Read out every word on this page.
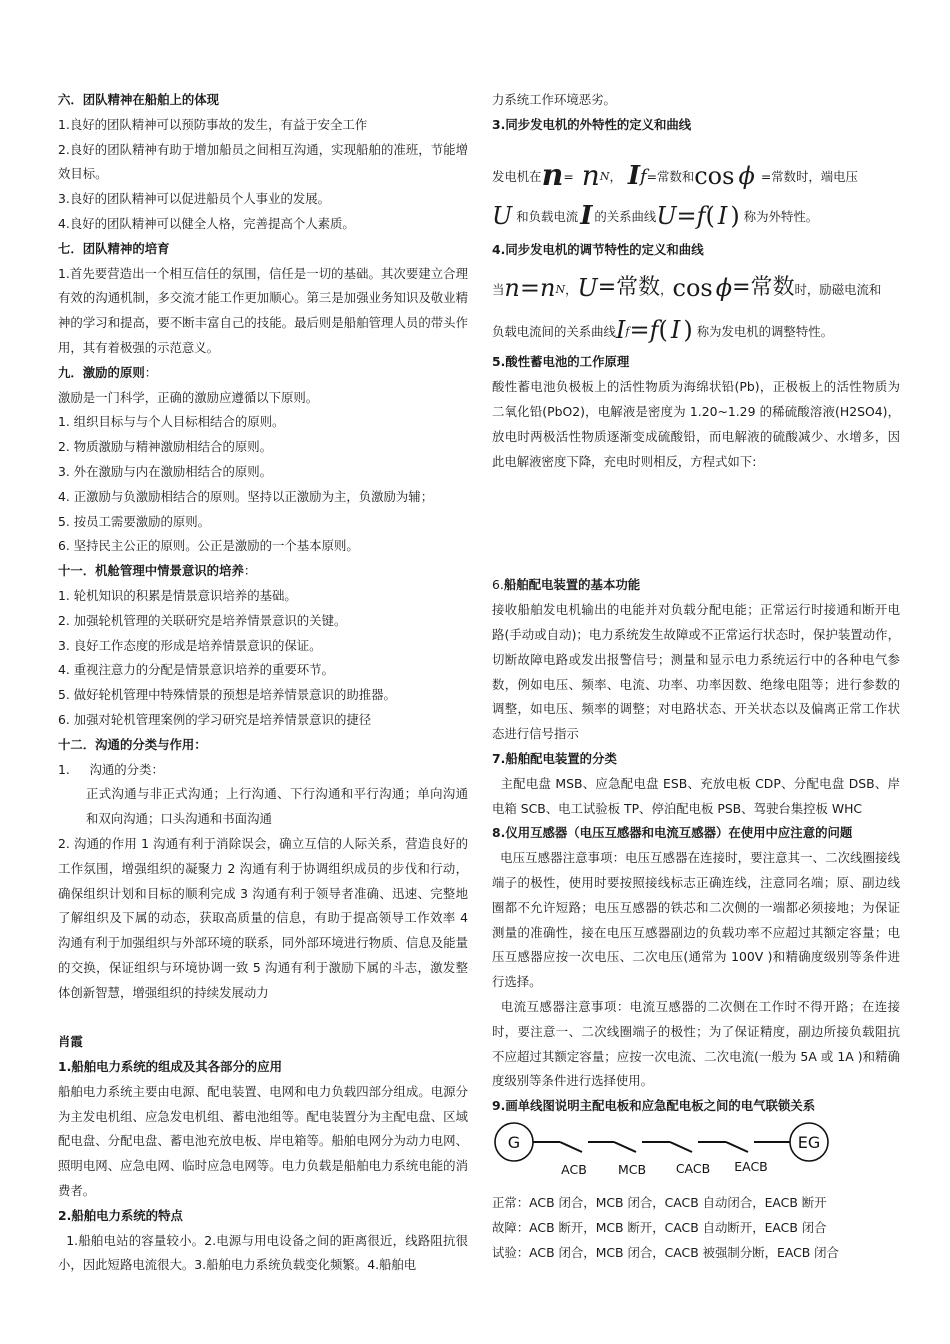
六．团队精神在船舶上的体现
1.良好的团队精神可以预防事故的发生，有益于安全工作
2.良好的团队精神有助于增加船员之间相互沟通，实现船舶的准班，节能增效目标。
3.良好的团队精神可以促进船员个人事业的发展。
4.良好的团队精神可以健全人格，完善提高个人素质。
七．团队精神的培育
1.首先要营造出一个相互信任的氛围，信任是一切的基础。其次要建立合理有效的沟通机制，多交流才能工作更加顺心。第三是加强业务知识及敬业精神的学习和提高，要不断丰富自己的技能。最后则是船舶管理人员的带头作用，其有着极强的示范意义。
九．激励的原则：
激励是一门科学，正确的激励应遵循以下原则。
1. 组织目标与与个人目标相结合的原则。
2. 物质激励与精神激励相结合的原则。
3. 外在激励与内在激励相结合的原则。
4. 正激励与负激励相结合的原则。坚持以正激励为主，负激励为辅；
5. 按员工需要激励的原则。
6. 坚持民主公正的原则。公正是激励的一个基本原则。
十一．机舱管理中情景意识的培养：
1. 轮机知识的积累是情景意识培养的基础。
2. 加强轮机管理的关联研究是培养情景意识的关键。
3. 良好工作态度的形成是培养情景意识的保证。
4. 重视注意力的分配是情景意识培养的重要环节。
5. 做好轮机管理中特殊情景的预想是培养情景意识的助推器。
6. 加强对轮机管理案例的学习研究是培养情景意识的捷径
十二．沟通的分类与作用：
1.     沟通的分类：
正式沟通与非正式沟通；上行沟通、下行沟通和平行沟通；单向沟通和双向沟通；口头沟通和书面沟通
2. 沟通的作用 1 沟通有利于消除误会，确立互信的人际关系，营造良好的工作氛围，增强组织的凝聚力 2 沟通有利于协调组织成员的步伐和行动，确保组织计划和目标的顺利完成 3 沟通有利于领导者准确、迅速、完整地了解组织及下属的动态，获取高质量的信息，有助于提高领导工作效率 4 沟通有利于加强组织与外部环境的联系，同外部环境进行物质、信息及能量的交换，保证组织与环境协调一致 5 沟通有利于激励下属的斗志，激发整体创新智慧，增强组织的持续发展动力
肖霞
1.船舶电力系统的组成及其各部分的应用
船舶电力系统主要由电源、配电装置、电网和电力负载四部分组成。电源分为主发电机组、应急发电机组、蓄电池组等。配电装置分为主配电盘、区域配电盘、分配电盘、蓄电池充放电板、岸电箱等。船舶电网分为动力电网、照明电网、应急电网、临时应急电网等。电力负载是船舶电力系统电能的消费者。
2.船舶电力系统的特点
1.船舶电站的容量较小。2.电源与用电设备之间的距离很近，线路阻抗很小，因此短路电流很大。3.船舶电力系统负载变化频繁。4.船舶电
力系统工作环境恶劣。
3.同步发电机的外特性的定义和曲线
发电机在 n = n N ， I f =常数和 cos ϕ =常数时，端电压
U 和负载电流 I 的关系曲线 U = f ( I ) 称为外特性。
4.同步发电机的调节特性的定义和曲线
当 n = n N ， U =常数 ， cos ϕ =常数 时，励磁电流和
负载电流间的关系曲线 I f = f ( I ) 称为发电机的调整特性。
5.酸性蓄电池的工作原理
酸性蓄电池负极板上的活性物质为海绵状铅(Pb)，正极板上的活性物质为二氧化铅(PbO2)，电解液是密度为 1.20~1.29 的稀硫酸溶液(H2SO4)，放电时两极活性物质逐渐变成硫酸铅，而电解液的硫酸减少、水增多，因此电解液密度下降，充电时则相反，方程式如下:
6.船舶配电装置的基本功能
接收船舶发电机输出的电能并对负载分配电能；正常运行时接通和断开电路(手动或自动)；电力系统发生故障或不正常运行状态时，保护装置动作，切断故障电路或发出报警信号；测量和显示电力系统运行中的各种电气参数，例如电压、频率、电流、功率、功率因数、绝缘电阻等；进行参数的调整，如电压、频率的调整；对电路状态、开关状态以及偏离正常工作状态进行信号指示
7.船舶配电装置的分类
主配电盘 MSB、应急配电盘 ESB、充放电板 CDP、分配电盘 DSB、岸电箱 SCB、电工试验板 TP、停泊配电板 PSB、驾驶台集控板 WHC
8.仪用互感器（电压互感器和电流互感器）在使用中应注意的问题
电压互感器注意事项：电压互感器在连接时，要注意其一、二次线圈接线端子的极性，使用时要按照接线标志正确连线，注意同名端；原、副边线圈都不允许短路；电压互感器的铁芯和二次侧的一端都必须接地；为保证测量的准确性，接在电压互感器副边的负载功率不应超过其额定容量；电压互感器应按一次电压、二次电压(通常为 100V )和精确度级别等条件进行选择。
电流互感器注意事项：电流互感器的二次侧在工作时不得开路；在连接时，要注意一、二次线圈端子的极性；为了保证精度，副边所接负载阻抗不应超过其额定容量；应按一次电流、二次电流(一般为 5A 或 1A )和精确度级别等条件进行选择使用。
9.画单线图说明主配电板和应急配电板之间的电气联锁关系
G	EG
ACB MCB CACB EACB
正常：ACB 闭合，MCB 闭合，CACB 自动闭合，EACB 断开
故障：ACB 断开，MCB 断开，CACB 自动断开，EACB 闭合
试验：ACB 闭合，MCB 闭合，CACB 被强制分断，EACB 闭合
